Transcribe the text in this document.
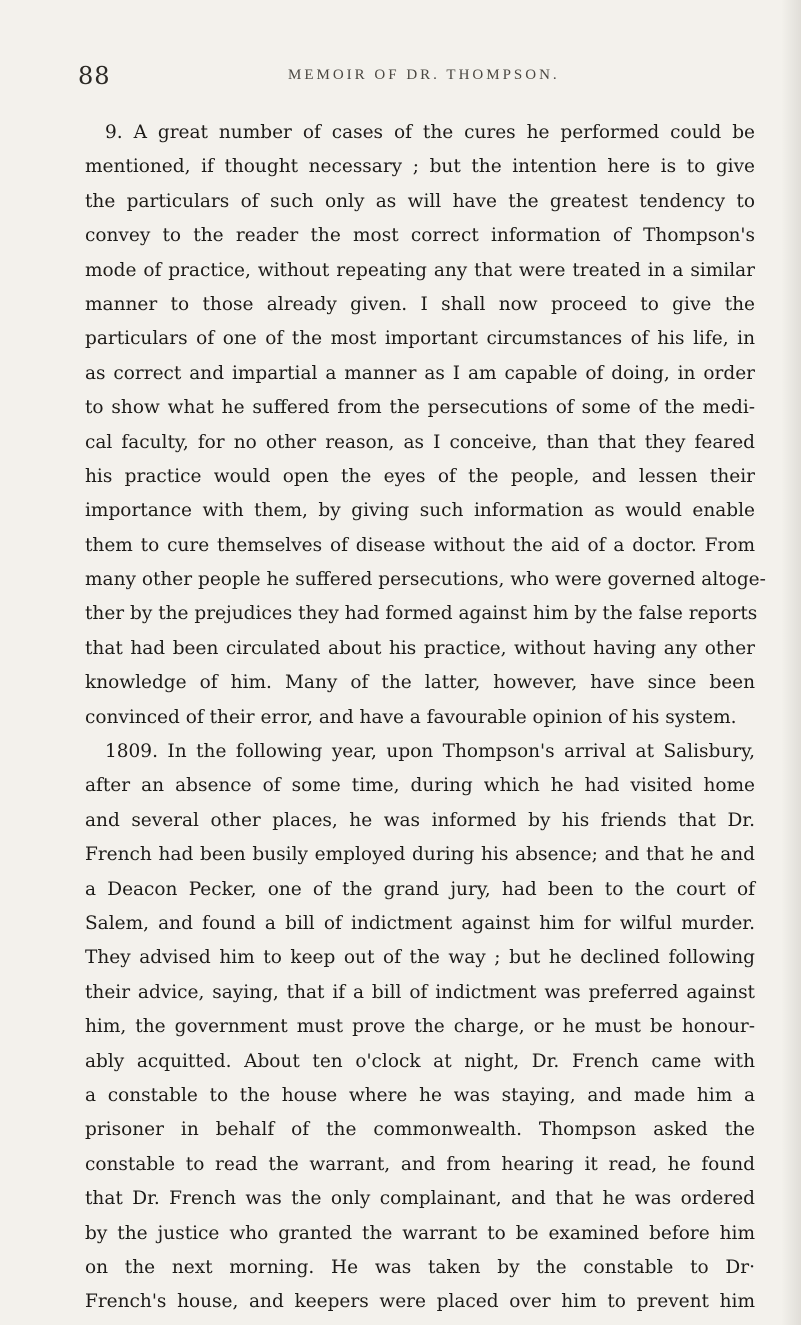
88	MEMOIR OF DR. THOMPSON.
9. A great number of cases of the cures he performed could be
mentioned, if thought necessary ; but the intention here is to give
the particulars of such only as will have the greatest tendency to
convey to the reader the most correct information of Thompson's
mode of practice, without repeating any that were treated in a similar
manner to those already given. I shall now proceed to give the
particulars of one of the most important circumstances of his life, in
as correct and impartial a manner as I am capable of doing, in order
to show what he suffered from the persecutions of some of the medi-
cal faculty, for no other reason, as I conceive, than that they feared
his practice would open the eyes of the people, and lessen their
importance with them, by giving such information as would enable
them to cure themselves of disease without the aid of a doctor. From
many other people he suffered persecutions, who were governed altoge-
ther by the prejudices they had formed against him by the false reports
that had been circulated about his practice, without having any other
knowledge of him. Many of the latter, however, have since been
convinced of their error, and have a favourable opinion of his system.
1809. In the following year, upon Thompson's arrival at Salisbury,
after an absence of some time, during which he had visited home
and several other places, he was informed by his friends that Dr.
French had been busily employed during his absence; and that he and
a Deacon Pecker, one of the grand jury, had been to the court of
Salem, and found a bill of indictment against him for wilful murder.
They advised him to keep out of the way ; but he declined following
their advice, saying, that if a bill of indictment was preferred against
him, the government must prove the charge, or he must be honour-
ably acquitted. About ten o'clock at night, Dr. French came with
a constable to the house where he was staying, and made him a
prisoner in behalf of the commonwealth. Thompson asked the
constable to read the warrant, and from hearing it read, he found
that Dr. French was the only complainant, and that he was ordered
by the justice who granted the warrant to be examined before him
on the next morning. He was taken by the constable to Dr·
French's house, and keepers were placed over him to prevent him
